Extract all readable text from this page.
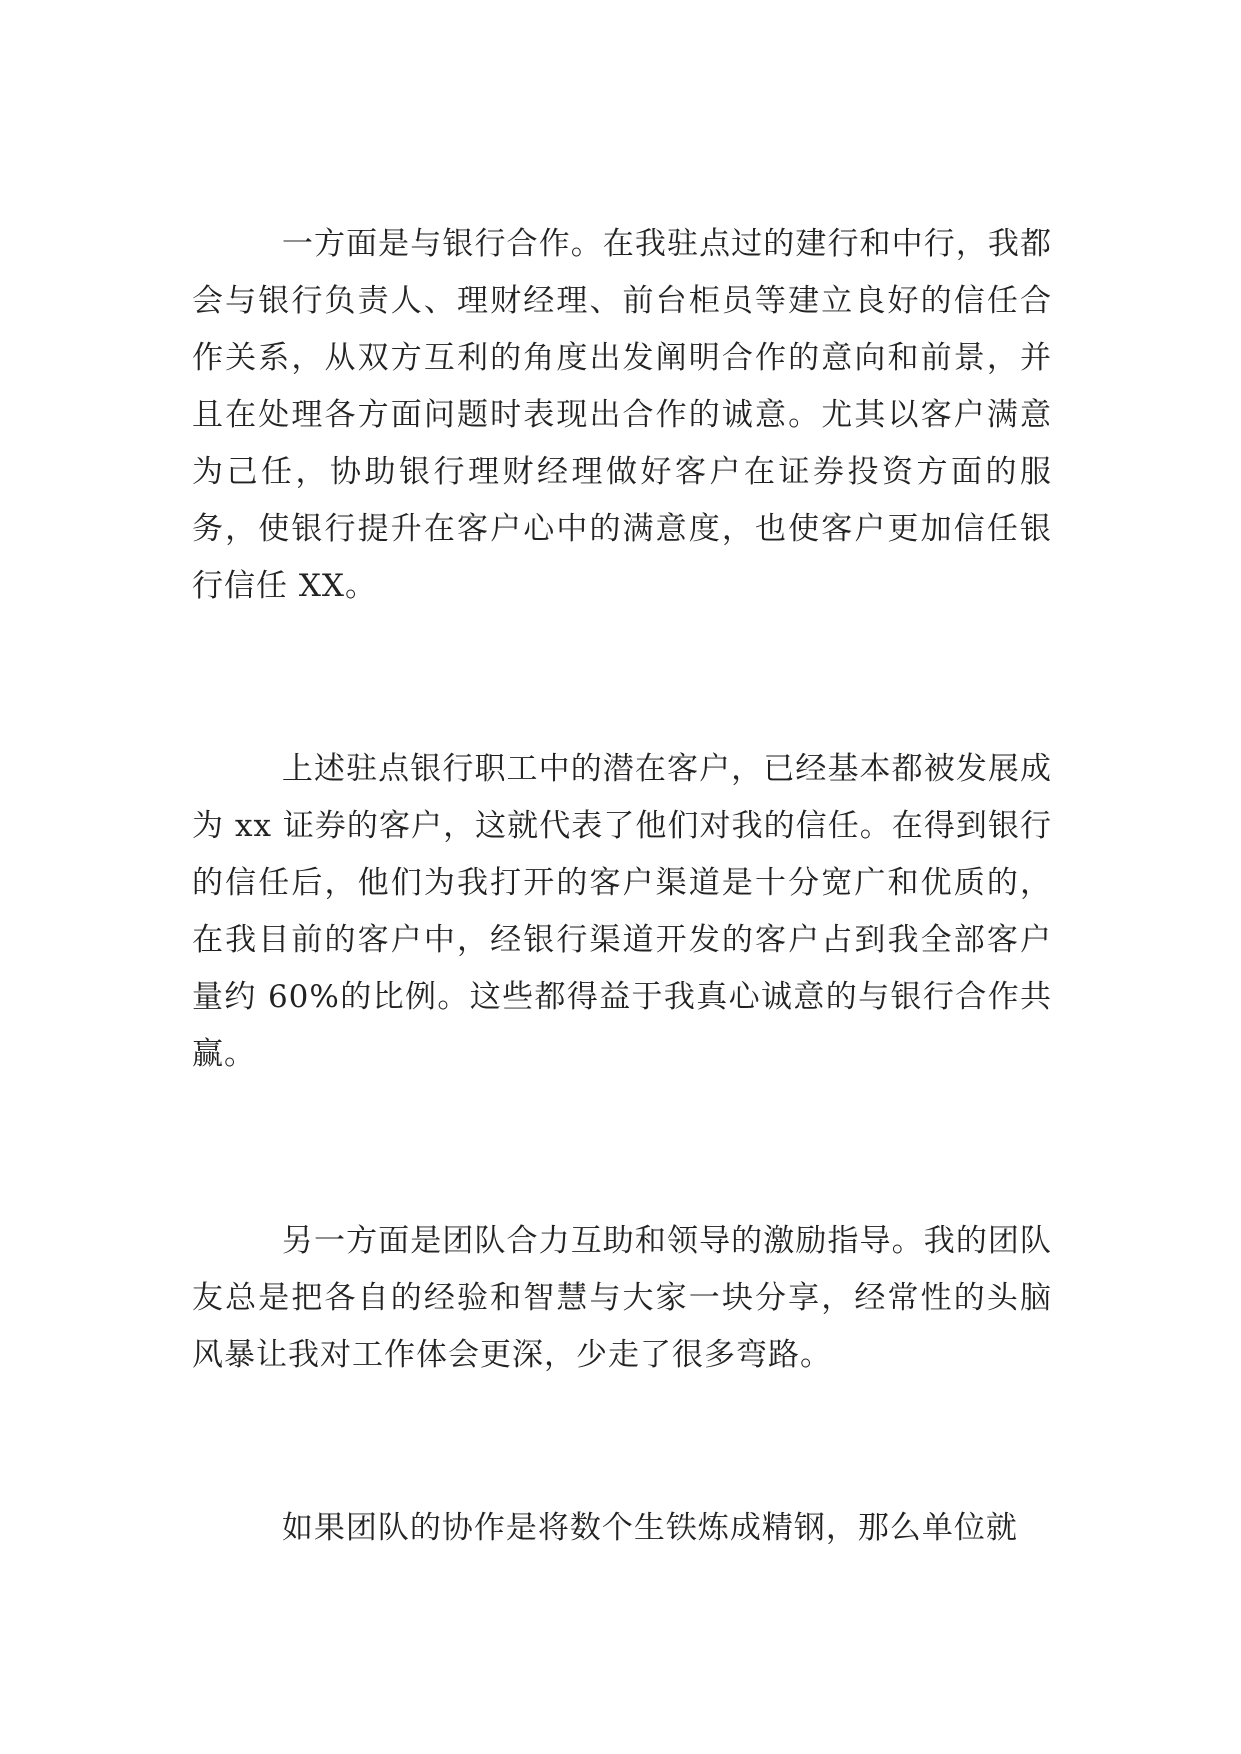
一方面是与银行合作。在我驻点过的建行和中行，我都会与银行负责人、理财经理、前台柜员等建立良好的信任合作关系，从双方互利的角度出发阐明合作的意向和前景，并且在处理各方面问题时表现出合作的诚意。尤其以客户满意为己任，协助银行理财经理做好客户在证券投资方面的服务，使银行提升在客户心中的满意度，也使客户更加信任银行信任 XX。

上述驻点银行职工中的潜在客户，已经基本都被发展成为 xx 证券的客户，这就代表了他们对我的信任。在得到银行的信任后，他们为我打开的客户渠道是十分宽广和优质的，在我目前的客户中，经银行渠道开发的客户占到我全部客户量约 60%的比例。这些都得益于我真心诚意的与银行合作共赢。

另一方面是团队合力互助和领导的激励指导。我的团队友总是把各自的经验和智慧与大家一块分享，经常性的头脑风暴让我对工作体会更深，少走了很多弯路。

如果团队的协作是将数个生铁炼成精钢，那么单位就
